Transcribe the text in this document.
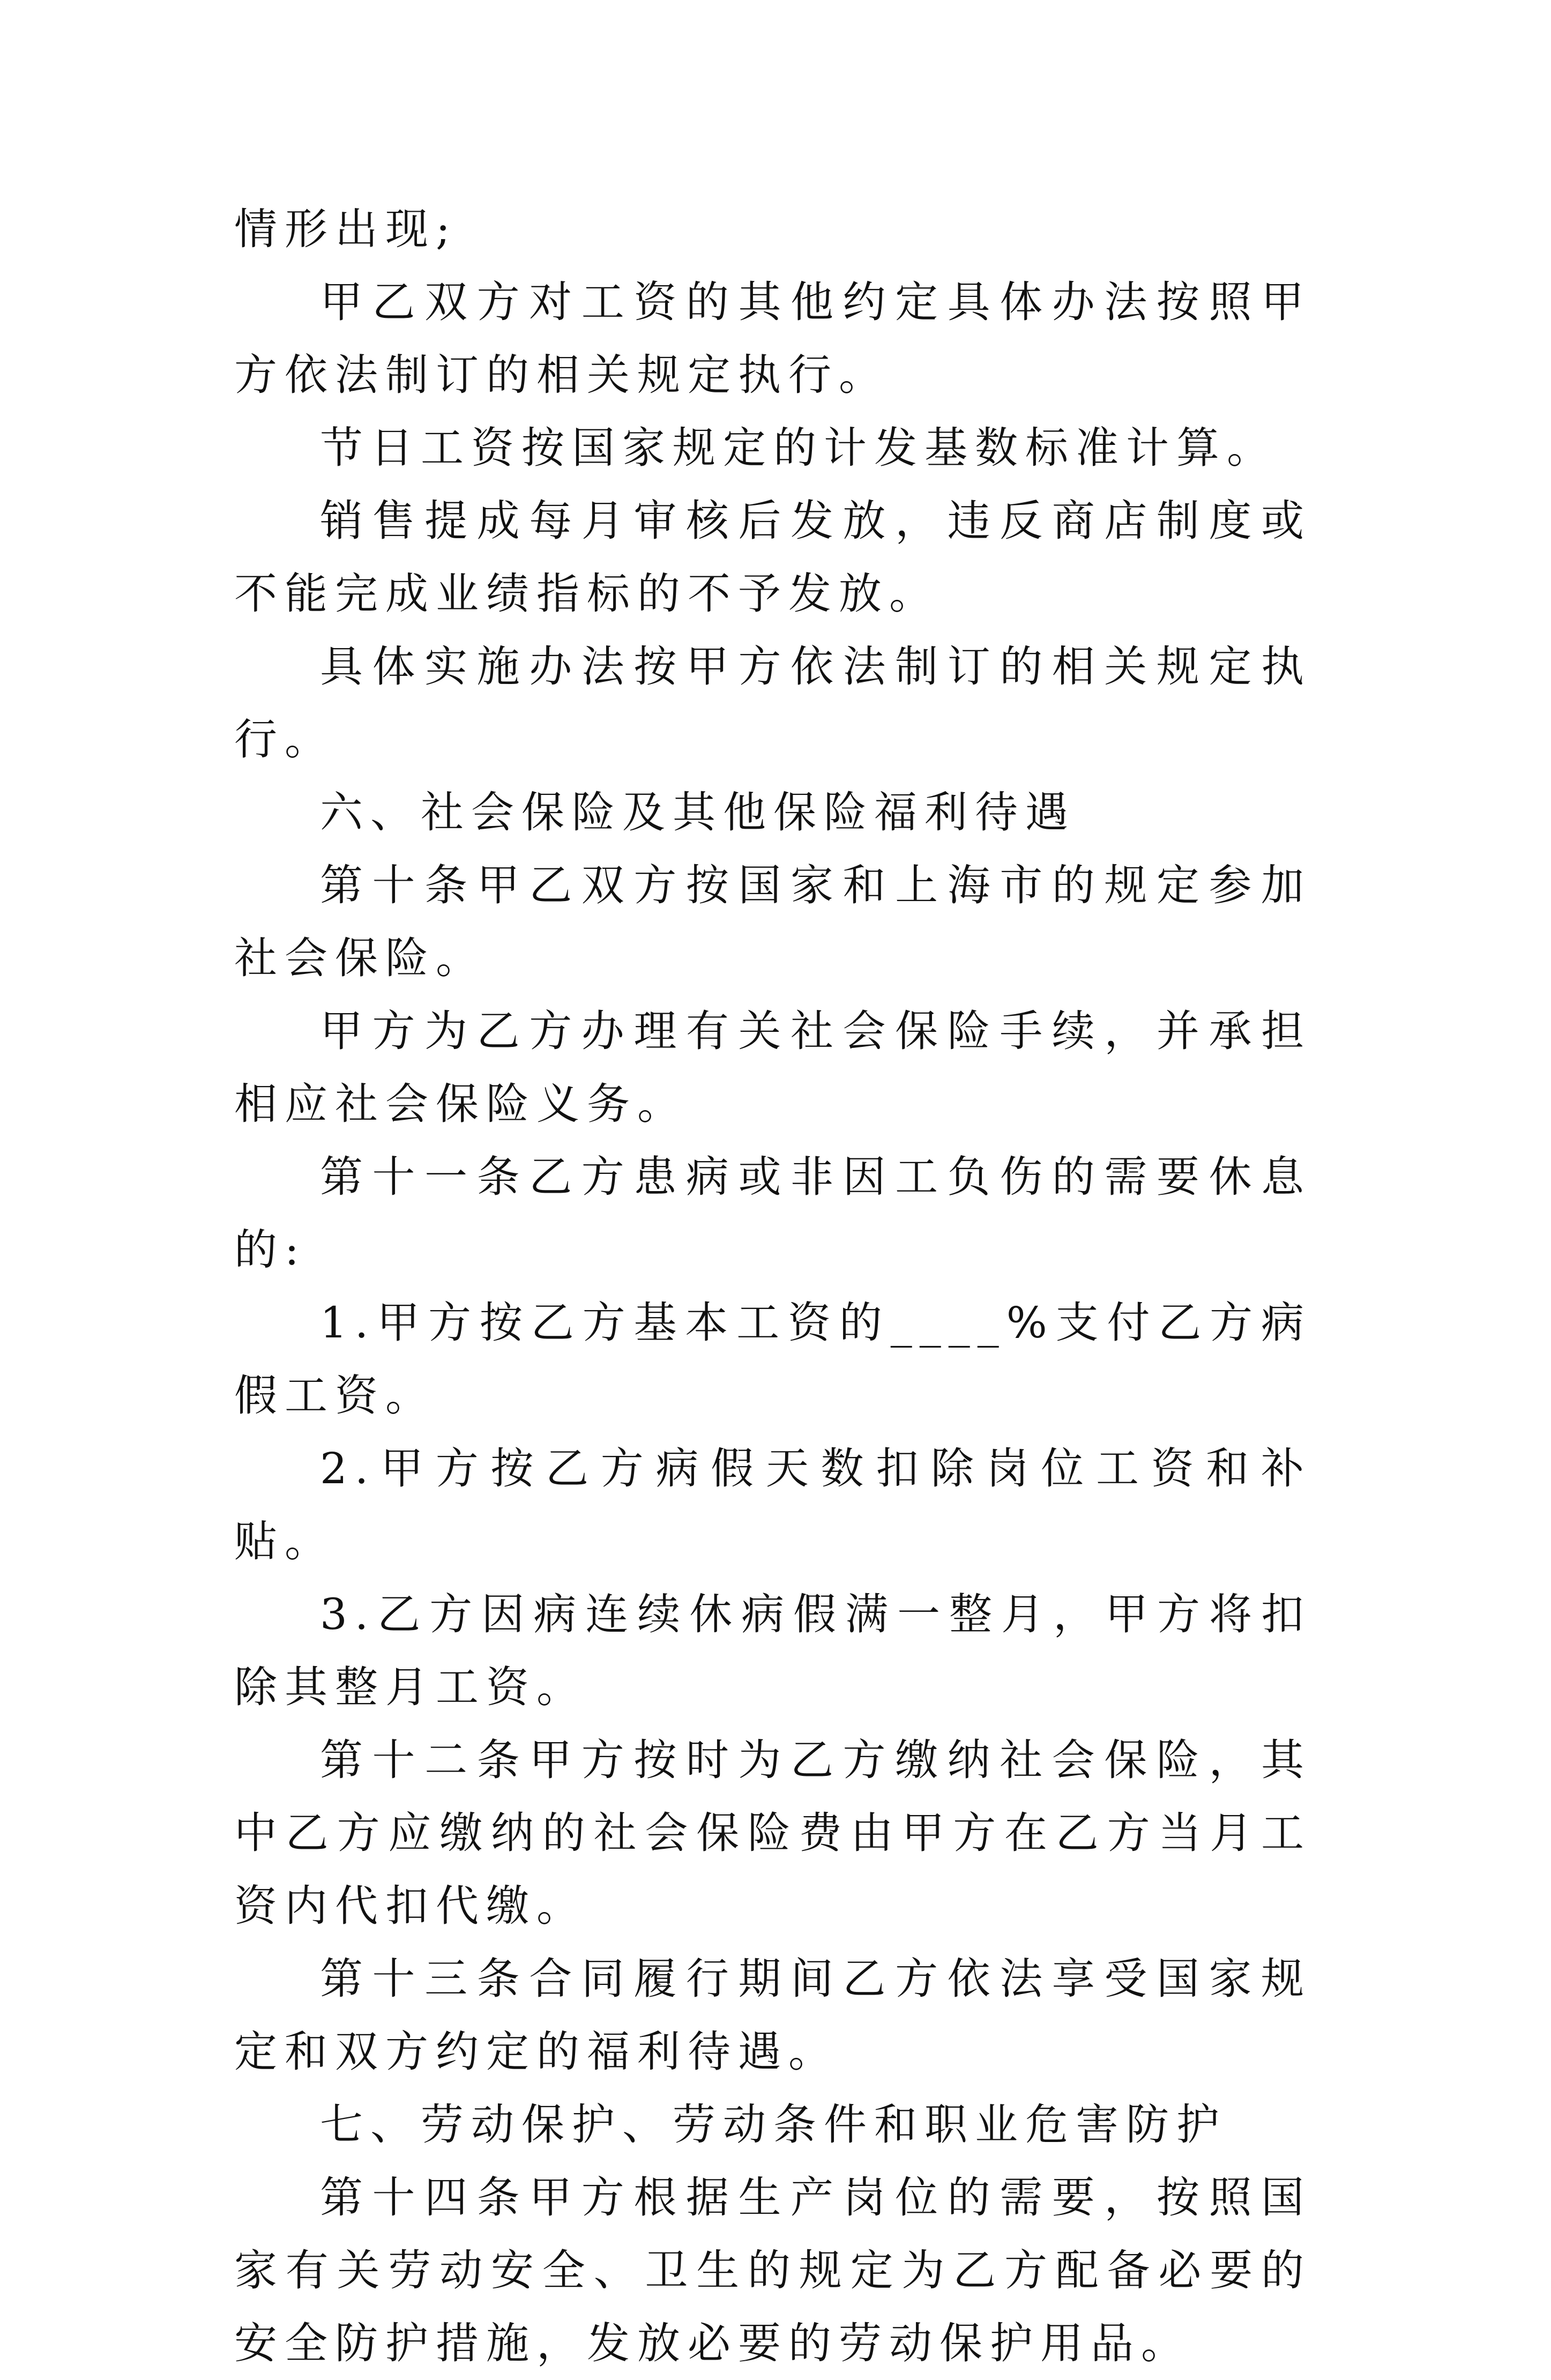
情形出现;

甲乙双方对工资的其他约定具体办法按照甲方依法制订的相关规定执行。

节日工资按国家规定的计发基数标准计算。

销售提成每月审核后发放，违反商店制度或不能完成业绩指标的不予发放。

具体实施办法按甲方依法制订的相关规定执行。

六、社会保险及其他保险福利待遇

第十条甲乙双方按国家和上海市的规定参加社会保险。

甲方为乙方办理有关社会保险手续，并承担相应社会保险义务。

第十一条乙方患病或非因工负伤的需要休息的:

1.甲方按乙方基本工资的____%支付乙方病假工资。

2.甲方按乙方病假天数扣除岗位工资和补贴。

3.乙方因病连续休病假满一整月，甲方将扣除其整月工资。

第十二条甲方按时为乙方缴纳社会保险，其中乙方应缴纳的社会保险费由甲方在乙方当月工资内代扣代缴。

第十三条合同履行期间乙方依法享受国家规定和双方约定的福利待遇。

七、劳动保护、劳动条件和职业危害防护

第十四条甲方根据生产岗位的需要，按照国家有关劳动安全、卫生的规定为乙方配备必要的安全防护措施，发放必要的劳动保护用品。
